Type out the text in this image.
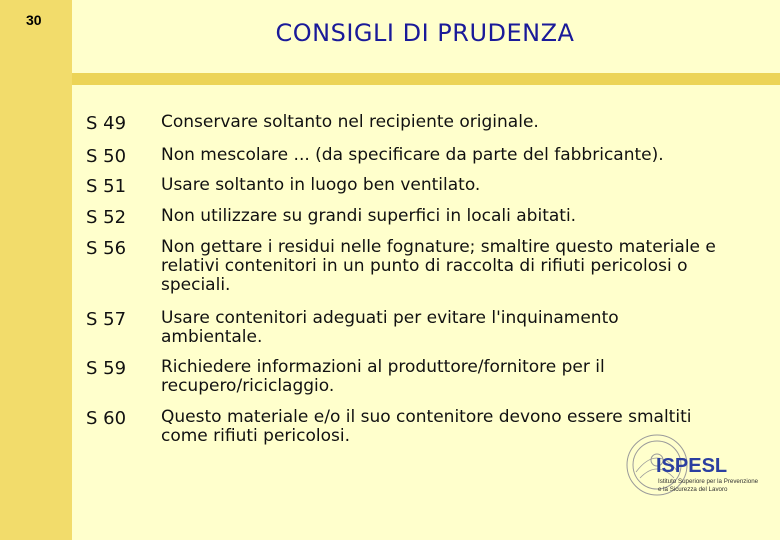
30	CONSIGLI DI PRUDENZA
S 49 Conservare soltanto nel recipiente originale.
S 50 Non mescolare ... (da specificare da parte del fabbricante).
S 51 Usare soltanto in luogo ben ventilato.
S 52 Non utilizzare su grandi superfici in locali abitati.
S 56 Non gettare i residui nelle fognature; smaltire questo materiale e relativi contenitori in un punto di raccolta di rifiuti pericolosi o speciali.
S 57 Usare contenitori adeguati per evitare l'inquinamento ambientale.
S 59 Richiedere informazioni al produttore/fornitore per il recupero/riciclaggio.
S 60 Questo materiale e/o il suo contenitore devono essere smaltiti come rifiuti pericolosi.
ISPESL
Istituto Superiore per la Prevenzione
e la Sicurezza del Lavoro
